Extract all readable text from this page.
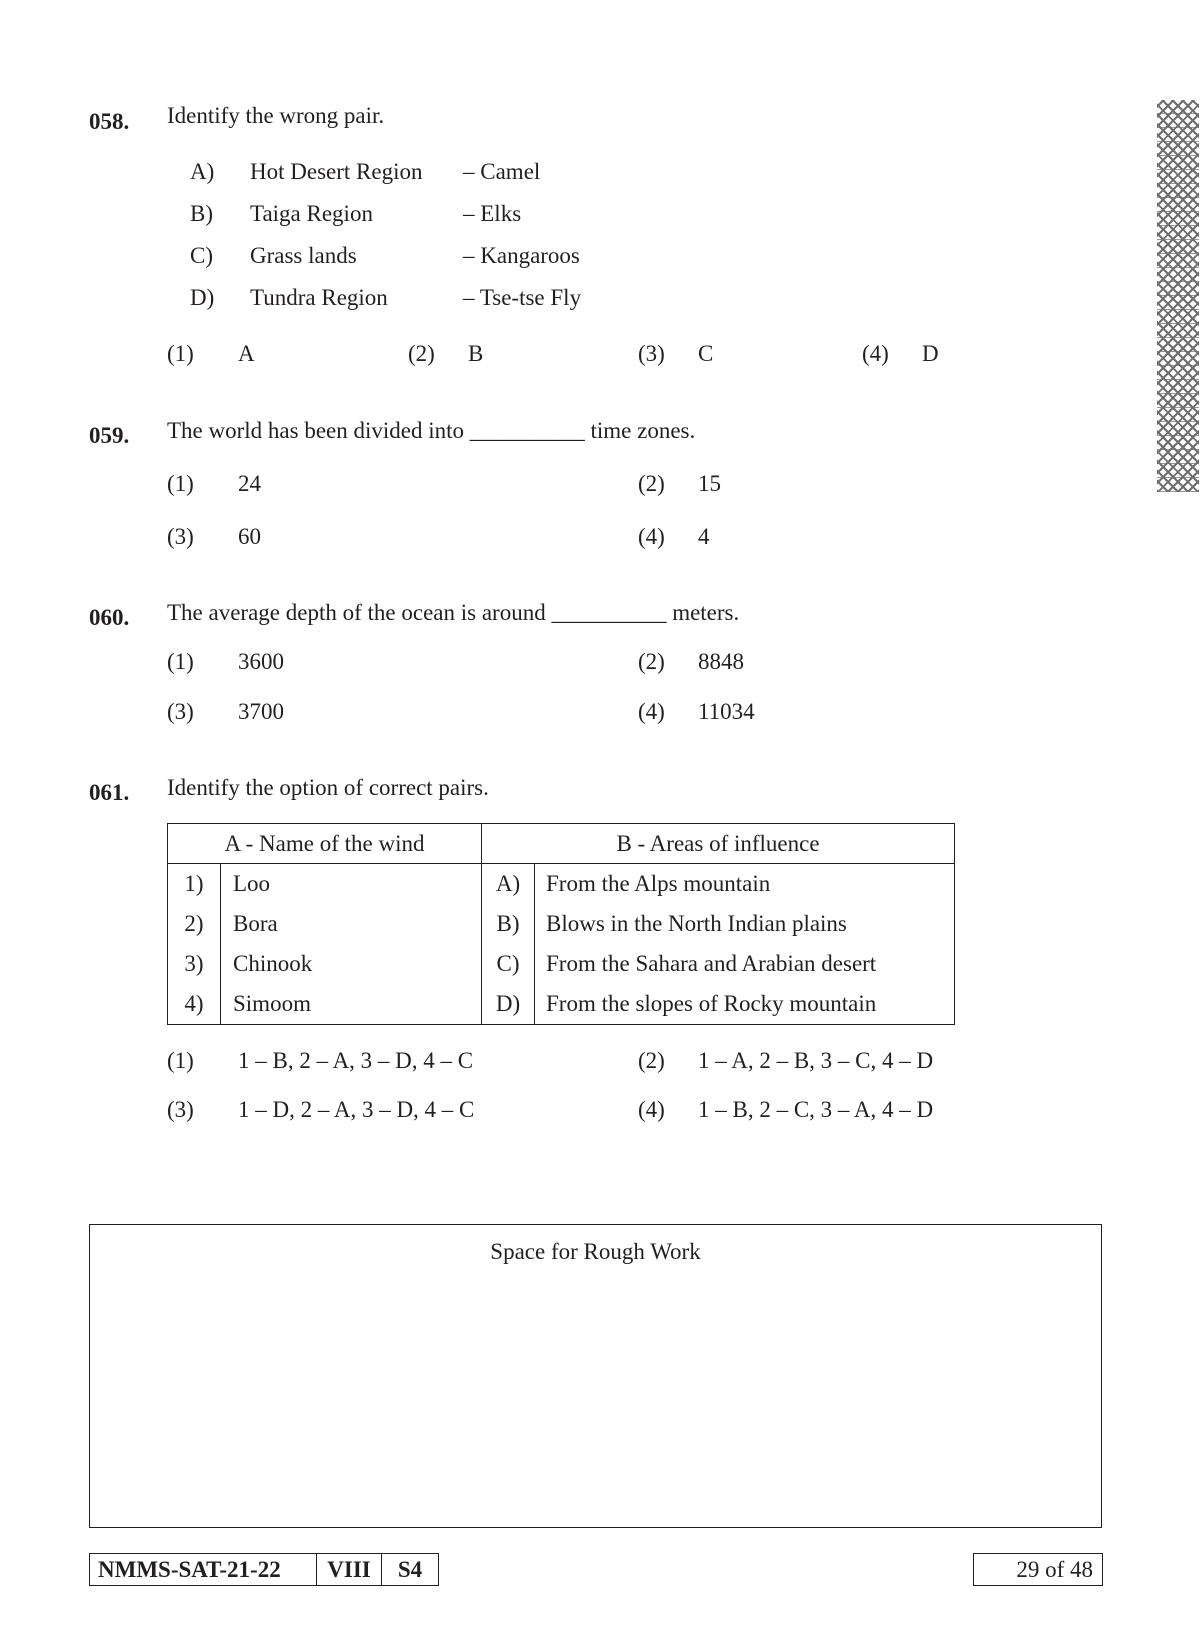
058. Identify the wrong pair.
A) Hot Desert Region – Camel
B) Taiga Region	– Elks
C) Grass lands	– Kangaroos
D) Tundra Region	– Tse-tse Fly
(1) A	(2) B	(3) C	(4) D
059. The world has been divided into __________ time zones.
(1) 24	(2) 15
(3) 60	(4) 4
060. The average depth of the ocean is around __________ meters.
(1) 3600	(2) 8848
(3) 3700	(4) 11034
061. Identify the option of correct pairs.
A - Name of the wind		B - Areas of influence	
1)	Loo	A)	From the Alps mountain
2)	Bora	B)	Blows in the North Indian plains
3)	Chinook	C)	From the Sahara and Arabian desert
4)	Simoom	D)	From the slopes of Rocky mountain
(1) 1 – B, 2 – A, 3 – D, 4 – C	(2) 1 – A, 2 – B, 3 – C, 4 – D
(3) 1 – D, 2 – A, 3 – D, 4 – C	(4) 1 – B, 2 – C, 3 – A, 4 – D
Space for Rough Work
NMMS-SAT-21-22	VIII	S4	29 of 48
